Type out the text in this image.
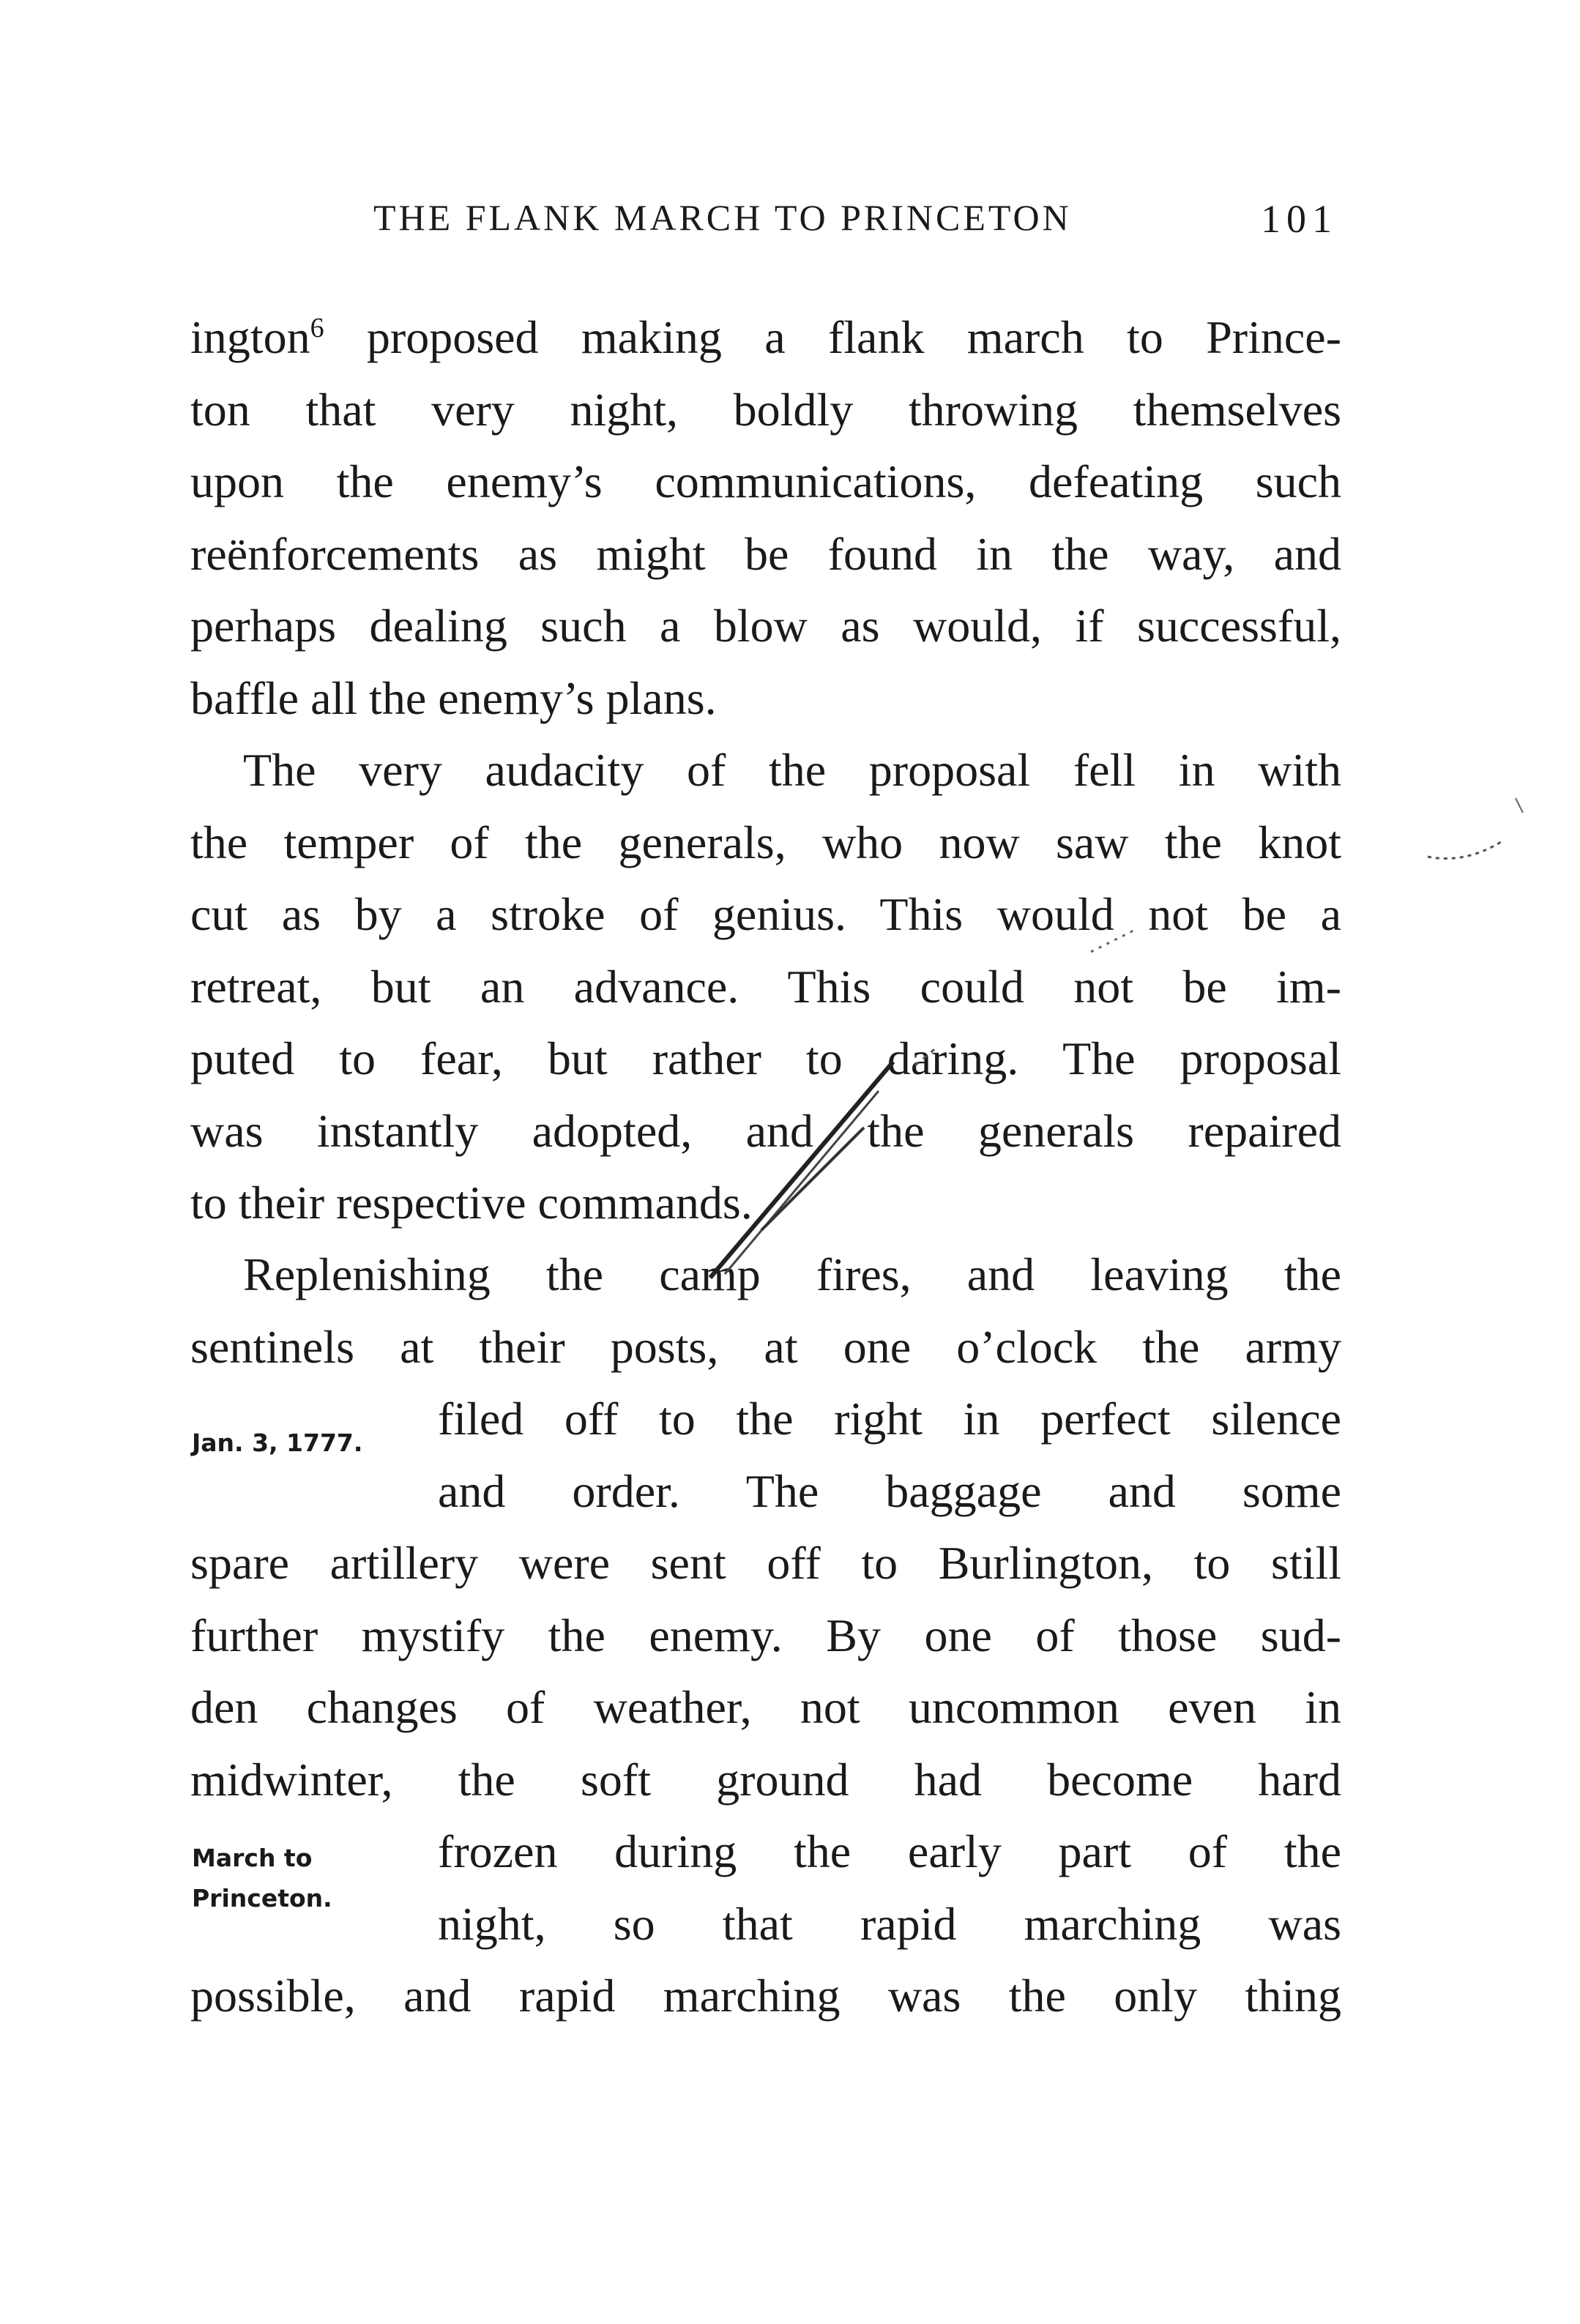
THE FLANK MARCH TO PRINCETON	101
ington$^6$ proposed making a flank march to Prince-
ton that very night, boldly throwing themselves
upon the enemy’s communications, defeating such
reënforcements as might be found in the way, and
perhaps dealing such a blow as would, if successful,
baffle all the enemy’s plans.
The very audacity of the proposal fell in with
the temper of the generals, who now saw the knot
cut as by a stroke of genius. This would not be a
retreat, but an advance. This could not be im-
puted to fear, but rather to daring. The proposal
was instantly adopted, and the generals repaired
to their respective commands.
Replenishing the camp fires, and leaving the
sentinels at their posts, at one o’clock the army
filed off to the right in perfect silence
and order. The baggage and some
spare artillery were sent off to Burlington, to still
further mystify the enemy. By one of those sud-
den changes of weather, not uncommon even in
midwinter, the soft ground had become hard
frozen during the early part of the
night, so that rapid marching was
possible, and rapid marching was the only thing
Jan. 3, 1777.
March to
Princeton.
